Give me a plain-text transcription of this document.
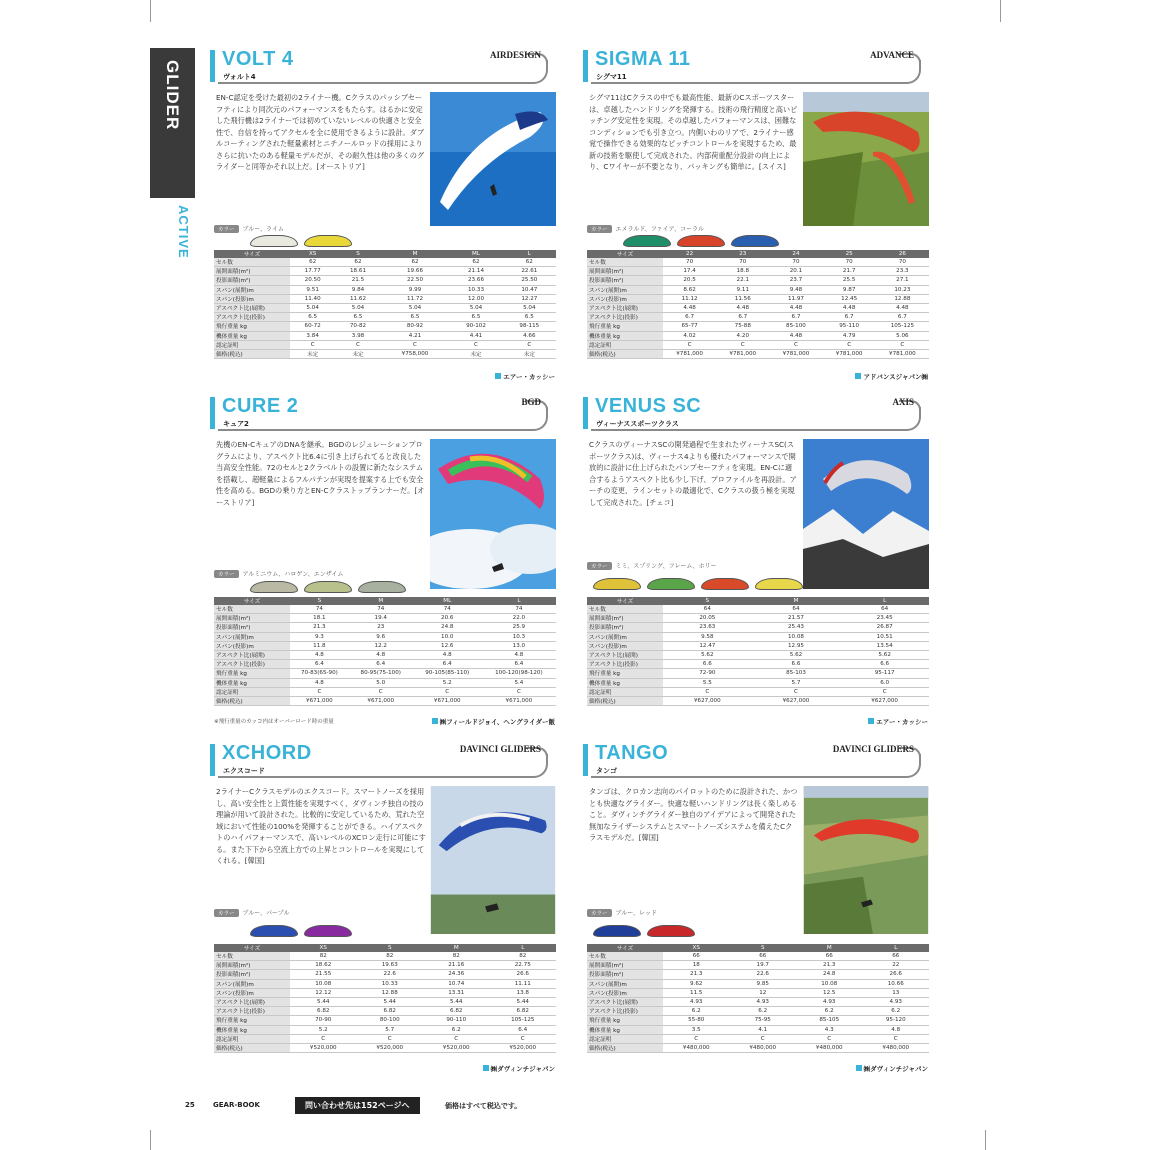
GLIDER
ACTIVE
VOLT 4
ヴォルト4
AIRDESIGN
EN-C認定を受けた最初の2ライナー機。Cクラスのパッシブセーフティにより同次元のパフォーマンスをもたらす。はるかに安定した飛行機は2ライナーでは初めていないレベルの快適さと安全性で、自信を持ってアクセルを全に使用できるように設計。ダブルコーティングされた軽量素材とニチノールロッドの採用によりさらに抗いたのある軽量モデルだが、その耐久性は他の多くのグライダーと同等かそれ以上だ。[オーストリア]
カラー ブルー、ライム
サイズ	XS	S	M	ML	L
セル数	62	62	62	62	62
展開面積(m²)	17.77	18.61	19.66	21.14	22.61
投影面積(m²)	20.50	21.5	22.50	23.66	25.50
スパン(展開)m	9.51	9.84	9.99	10.33	10.47
スパン(投影)m	11.40	11.62	11.72	12.00	12.27
アスペクト比(展開)	5.04	5.04	5.04	5.04	5.04
アスペクト比(投影)	6.5	6.5	6.5	6.5	6.5
飛行重量 kg	60-72	70-82	80-92	90-102	98-115
機体重量 kg	3.84	3.98	4.21	4.41	4.66
認定証明	C	C	C	C	C
価格(税込)	未定	未定	¥758,000	未定	未定
エアー・カッシー
SIGMA 11
シグマ11
ADVANCE
シグマ11はCクラスの中でも最高性能、最新のCスポーツスターは、卓越したハンドリングを発揮する。技術の飛行精度と高いピッチング安定性を実現。その卓越したパフォーマンスは、困難なコンディションでも引き立つ。内側いわのリアで、2ライナー感覚で操作できる効果的なピッチコントロールを実現するため、最新の技術を駆使して完成された。内部荷重配分設計の向上により、Cワイヤーが不要となり、パッキングも簡単に。[スイス]
カラー エメラルド、ファイア、コーラル
サイズ	22	23	24	25	26
セル数	70	70	70	70	70
展開面積(m²)	17.4	18.8	20.1	21.7	23.3
投影面積(m²)	20.5	22.1	23.7	25.5	27.1
スパン(展開)m	8.62	9.11	9.48	9.87	10.23
スパン(投影)m	11.12	11.56	11.97	12.45	12.88
アスペクト比(展開)	4.48	4.48	4.48	4.48	4.48
アスペクト比(投影)	6.7	6.7	6.7	6.7	6.7
飛行重量 kg	65-77	75-88	85-100	95-110	105-125
機体重量 kg	4.02	4.20	4.48	4.79	5.06
認定証明	C	C	C	C	C
価格(税込)	¥781,000	¥781,000	¥781,000	¥781,000	¥781,000
アドバンスジャパン㈱
CURE 2
キュア2
BGD
先機のEN-CキュアのDNAを継承。BGDのレジュレーションプログラムにより、アスペクト比6.4に引き上げられてると改良した当高安全性能。72のセルと2クラベルトの設置に新たなシステムを搭載し、超軽量によるフルパテンが実現を提案する上でも安全性を高める。BGDの乗り方とEN-Cクラストップランナーだ。[オーストリア]
カラー アルミニウム、ハロゲン、エンザイム
サイズ	S	M	ML	L
セル数	74	74	74	74
展開面積(m²)	18.1	19.4	20.6	22.0
投影面積(m²)	21.3	23	24.8	25.9
スパン(展開)m	9.3	9.6	10.0	10.3
スパン(投影)m	11.8	12.2	12.6	13.0
アスペクト比(展開)	4.8	4.8	4.8	4.8
アスペクト比(投影)	6.4	6.4	6.4	6.4
飛行重量 kg	70-83(65-90)	80-95(75-100)	90-105(85-110)	100-120(98-120)
機体重量 kg	4.8	5.0	5.2	5.4
認定証明	C	C	C	C
価格(税込)	¥671,000	¥671,000	¥671,000	¥671,000
※飛行重量のカッコ内はオーバーロード時の重量	㈱フィールドジョイ、ヘングライダー飯
VENUS SC
ヴィーナススポーツクラス
AXIS
CクラスのヴィーナスSCの開発過程で生まれたヴィーナスSC(スポーツクラス)は、ヴィーナス4よりも優れたパフォーマンスで開放的に設計に仕上げられたパンプセーフティを実現。EN-Cに適合するようアスペクト比も少し下げ、プロファイルを再設計。アーチの変更、ラインセットの最適化で、Cクラスの扱う極を実現して完成された。[チェコ]
カラー ミミ、スプリング、フレーム、ホリー
サイズ	S	M	L
セル数	64	64	64
展開面積(m²)	20.05	21.57	23.45
投影面積(m²)	23.63	25.43	26.87
スパン(展開)m	9.58	10.08	10.51
スパン(投影)m	12.47	12.95	13.54
アスペクト比(展開)	5.62	5.62	5.62
アスペクト比(投影)	6.6	6.6	6.6
飛行重量 kg	72-90	85-103	95-117
機体重量 kg	5.5	5.7	6.0
認定証明	C	C	C
価格(税込)	¥627,000	¥627,000	¥627,000
エアー・カッシー
XCHORD
エクスコード
DAVINCI GLIDERS
2ライナーCクラスモデルのエクスコード。スマートノーズを採用し、高い安全性と上質性能を実現すべく、ダヴィンチ独自の技の理論が用いて設計された。比較的に安定しているため、荒れた空域において性能の100%を発揮することができる。ハイアスペクトのハイパフォーマンスで、高いレベルのXCロン走行に可能にする。また下下から空流上方での上昇とコントロールを実現にしてくれる。[韓国]
カラー ブルー、パープル
サイズ	XS	S	M	L
セル数	82	82	82	82
展開面積(m²)	18.62	19.63	21.16	22.75
投影面積(m²)	21.55	22.6	24.36	26.6
スパン(展開)m	10.08	10.33	10.74	11.11
スパン(投影)m	12.12	12.88	13.31	13.8
アスペクト比(展開)	5.44	5.44	5.44	5.44
アスペクト比(投影)	6.82	6.82	6.82	6.82
飛行重量 kg	70-90	80-100	90-110	105-125
機体重量 kg	5.2	5.7	6.2	6.4
認定証明	C	C	C	C
価格(税込)	¥520,000	¥520,000	¥520,000	¥520,000
㈱ダヴィンチジャパン
TANGO
タンゴ
DAVINCI GLIDERS
タンゴは、クロカン志向のパイロットのために設計された、かつとも快適なグライダー。快適な軽いハンドリングは長く楽しめること。ダヴィンチグライダー独自のアイデアによって開発された無加なライザーシステムとスマートノーズシステムを備えたCクラスモデルだ。[韓国]
カラー ブルー、レッド
サイズ	XS	S	M	L
セル数	66	66	66	66
展開面積(m²)	18	19.7	21.3	22
投影面積(m²)	21.3	22.6	24.8	26.6
スパン(展開)m	9.62	9.85	10.08	10.66
スパン(投影)m	11.5	12	12.5	13
アスペクト比(展開)	4.93	4.93	4.93	4.93
アスペクト比(投影)	6.2	6.2	6.2	6.2
飛行重量 kg	55-80	75-95	85-105	95-120
機体重量 kg	3.5	4.1	4.3	4.8
認定証明	C	C	C	C
価格(税込)	¥480,000	¥480,000	¥480,000	¥480,000
㈱ダヴィンチジャパン
25	GEAR-BOOK	問い合わせ先は152ページへ	価格はすべて税込です。
